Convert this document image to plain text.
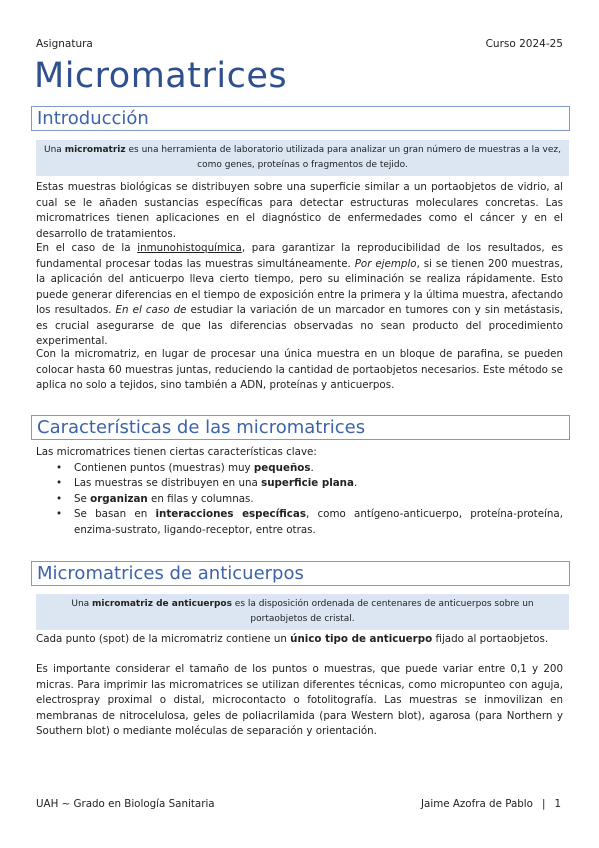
Asignatura	Curso 2024-25
Micromatrices
Introducción
Una micromatriz es una herramienta de laboratorio utilizada para analizar un gran número de muestras a la vez, como genes, proteínas o fragmentos de tejido.

Estas muestras biológicas se distribuyen sobre una superficie similar a un portaobjetos de vidrio, al cual se le añaden sustancias específicas para detectar estructuras moleculares concretas. Las micromatrices tienen aplicaciones en el diagnóstico de enfermedades como el cáncer y en el desarrollo de tratamientos.

En el caso de la inmunohistoquímica, para garantizar la reproducibilidad de los resultados, es fundamental procesar todas las muestras simultáneamente. Por ejemplo, si se tienen 200 muestras, la aplicación del anticuerpo lleva cierto tiempo, pero su eliminación se realiza rápidamente. Esto puede generar diferencias en el tiempo de exposición entre la primera y la última muestra, afectando los resultados. En el caso de estudiar la variación de un marcador en tumores con y sin metástasis, es crucial asegurarse de que las diferencias observadas no sean producto del procedimiento experimental.

Con la micromatriz, en lugar de procesar una única muestra en un bloque de parafina, se pueden colocar hasta 60 muestras juntas, reduciendo la cantidad de portaobjetos necesarios. Este método se aplica no solo a tejidos, sino también a ADN, proteínas y anticuerpos.

Características de las micromatrices
Las micromatrices tienen ciertas características clave:
• Contienen puntos (muestras) muy pequeños.
• Las muestras se distribuyen en una superficie plana.
• Se organizan en filas y columnas.
• Se basan en interacciones específicas, como antígeno-anticuerpo, proteína-proteína, enzima-sustrato, ligando-receptor, entre otras.
Micromatrices de anticuerpos
Una micromatriz de anticuerpos es la disposición ordenada de centenares de anticuerpos sobre un portaobjetos de cristal.

Cada punto (spot) de la micromatriz contiene un único tipo de anticuerpo fijado al portaobjetos.

Es importante considerar el tamaño de los puntos o muestras, que puede variar entre 0,1 y 200 micras. Para imprimir las micromatrices se utilizan diferentes técnicas, como micropunteo con aguja, electrospray proximal o distal, microcontacto o fotolitografía. Las muestras se inmovilizan en membranas de nitrocelulosa, geles de poliacrilamida (para Western blot), agarosa (para Northern y Southern blot) o mediante moléculas de separación y orientación.

UAH ~ Grado en Biología Sanitaria	Jaime Azofra de Pablo | 1
